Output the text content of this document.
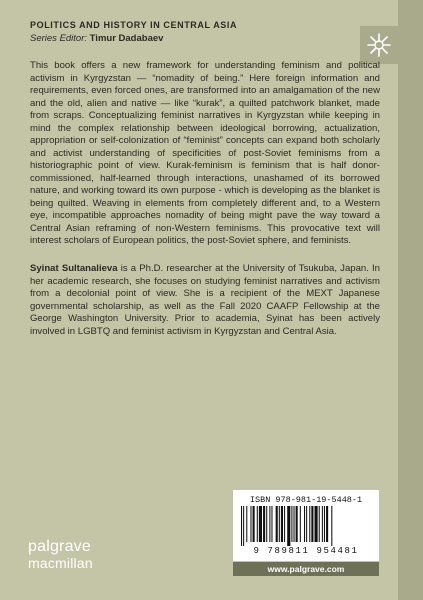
POLITICS AND HISTORY IN CENTRAL ASIA
Series Editor: Timur Dadabaev

This book offers a new framework for understanding feminism and political activism in Kyrgyzstan — “nomadity of being.” Here foreign information and requirements, even forced ones, are transformed into an amalgamation of the new and the old, alien and native — like “kurak”, a quilted patchwork blanket, made from scraps. Conceptualizing feminist narratives in Kyrgyzstan while keeping in mind the complex relationship between ideological borrowing, actualization, appropriation or self-colonization of “feminist” concepts can expand both scholarly and activist understanding of specificities of post-Soviet feminisms from a historiographic point of view. Kurak-feminism is feminism that is half donor-commissioned, half-learned through interactions, unashamed of its borrowed nature, and working toward its own purpose - which is developing as the blanket is being quilted. Weaving in elements from completely different and, to a Western eye, incompatible approaches nomadity of being might pave the way toward a Central Asian reframing of non-Western feminisms. This provocative text will interest scholars of European politics, the post-Soviet sphere, and feminists.

Syinat Sultanalieva is a Ph.D. researcher at the University of Tsukuba, Japan. In her academic research, she focuses on studying feminist narratives and activism from a decolonial point of view. She is a recipient of the MEXT Japanese governmental scholarship, as well as the Fall 2020 CAAFP Fellowship at the George Washington University. Prior to academia, Syinat has been actively involved in LGBTQ and feminist activism in Kyrgyzstan and Central Asia.

ISBN 978-981-19-5448-1
9 789811 954481
www.palgrave.com
palgrave
macmillan
